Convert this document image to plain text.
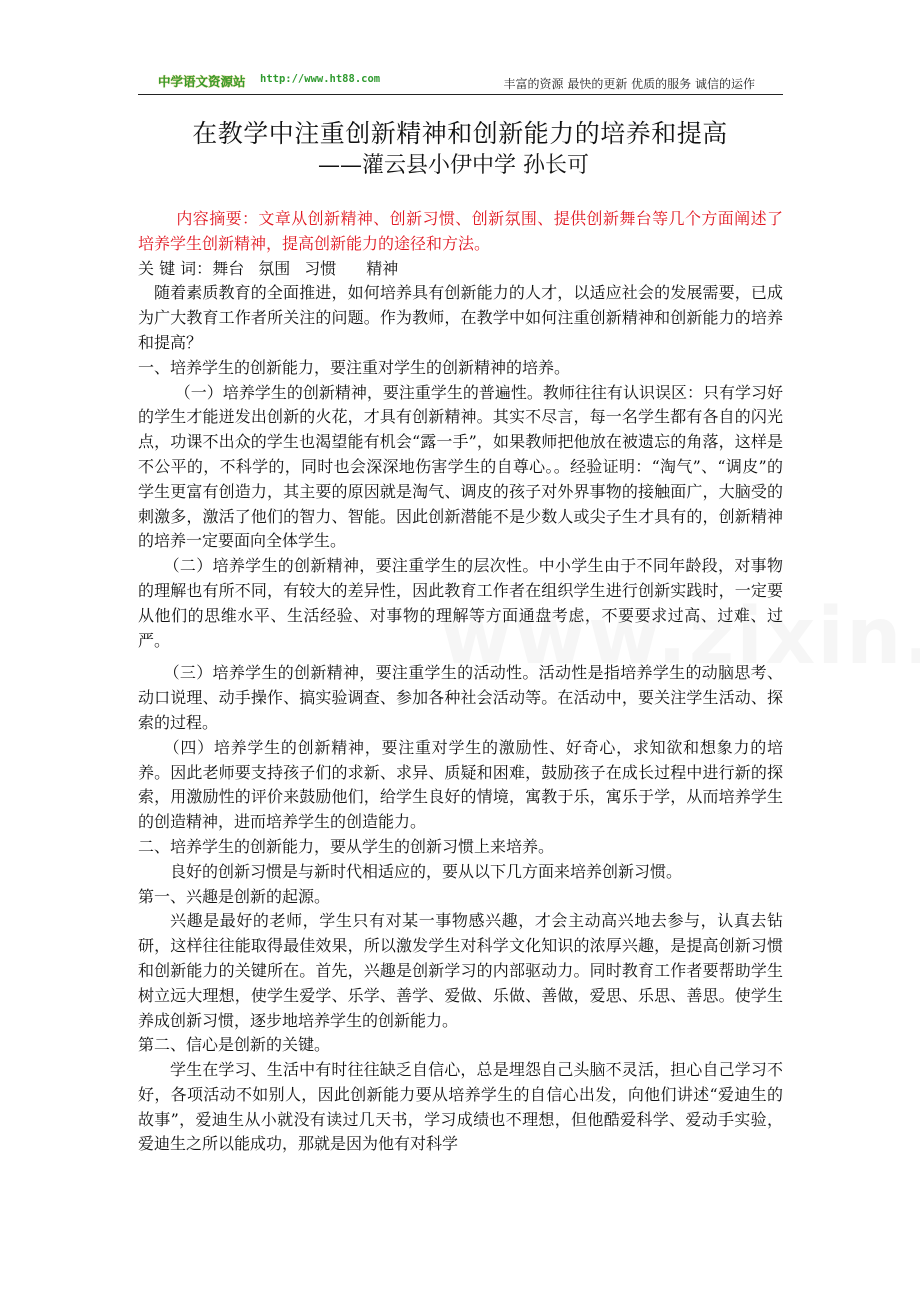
中学语文资源站 http://www.ht88.com	丰富的资源 最快的更新 优质的服务 诚信的运作
在教学中注重创新精神和创新能力的培养和提高
——灌云县小伊中学 孙长可

内容摘要：文章从创新精神、创新习惯、创新氛围、提供创新舞台等几个方面阐述了培养学生创新精神，提高创新能力的途径和方法。

关 键 词：舞台 氛围 习惯 精神

随着素质教育的全面推进，如何培养具有创新能力的人才，以适应社会的发展需要，已成为广大教育工作者所关注的问题。作为教师，在教学中如何注重创新精神和创新能力的培养和提高？

一、培养学生的创新能力，要注重对学生的创新精神的培养。

（一）培养学生的创新精神，要注重学生的普遍性。教师往往有认识误区：只有学习好的学生才能迸发出创新的火花，才具有创新精神。其实不尽言，每一名学生都有各自的闪光点，功课不出众的学生也渴望能有机会“露一手”，如果教师把他放在被遗忘的角落，这样是不公平的，不科学的，同时也会深深地伤害学生的自尊心。。经验证明：“淘气”、“调皮”的学生更富有创造力，其主要的原因就是淘气、调皮的孩子对外界事物的接触面广，大脑受的刺激多，激活了他们的智力、智能。因此创新潜能不是少数人或尖子生才具有的，创新精神的培养一定要面向全体学生。

（二）培养学生的创新精神，要注重学生的层次性。中小学生由于不同年龄段，对事物的理解也有所不同，有较大的差异性，因此教育工作者在组织学生进行创新实践时，一定要从他们的思维水平、生活经验、对事物的理解等方面通盘考虑，不要要求过高、过难、过严。

（三）培养学生的创新精神，要注重学生的活动性。活动性是指培养学生的动脑思考、动口说理、动手操作、搞实验调查、参加各种社会活动等。在活动中，要关注学生活动、探索的过程。

（四）培养学生的创新精神，要注重对学生的激励性、好奇心，求知欲和想象力的培养。因此老师要支持孩子们的求新、求异、质疑和困难，鼓励孩子在成长过程中进行新的探索，用激励性的评价来鼓励他们，给学生良好的情境，寓教于乐，寓乐于学，从而培养学生的创造精神，进而培养学生的创造能力。

二、培养学生的创新能力，要从学生的创新习惯上来培养。

良好的创新习惯是与新时代相适应的，要从以下几方面来培养创新习惯。

第一、兴趣是创新的起源。

兴趣是最好的老师，学生只有对某一事物感兴趣，才会主动高兴地去参与，认真去钻研，这样往往能取得最佳效果，所以激发学生对科学文化知识的浓厚兴趣，是提高创新习惯和创新能力的关键所在。首先，兴趣是创新学习的内部驱动力。同时教育工作者要帮助学生树立远大理想，使学生爱学、乐学、善学、爱做、乐做、善做，爱思、乐思、善思。使学生养成创新习惯，逐步地培养学生的创新能力。

第二、信心是创新的关键。

学生在学习、生活中有时往往缺乏自信心，总是埋怨自己头脑不灵活，担心自己学习不好，各项活动不如别人，因此创新能力要从培养学生的自信心出发，向他们讲述“爱迪生的故事”，爱迪生从小就没有读过几天书，学习成绩也不理想，但他酷爱科学、爱动手实验，爱迪生之所以能成功，那就是因为他有对科学
